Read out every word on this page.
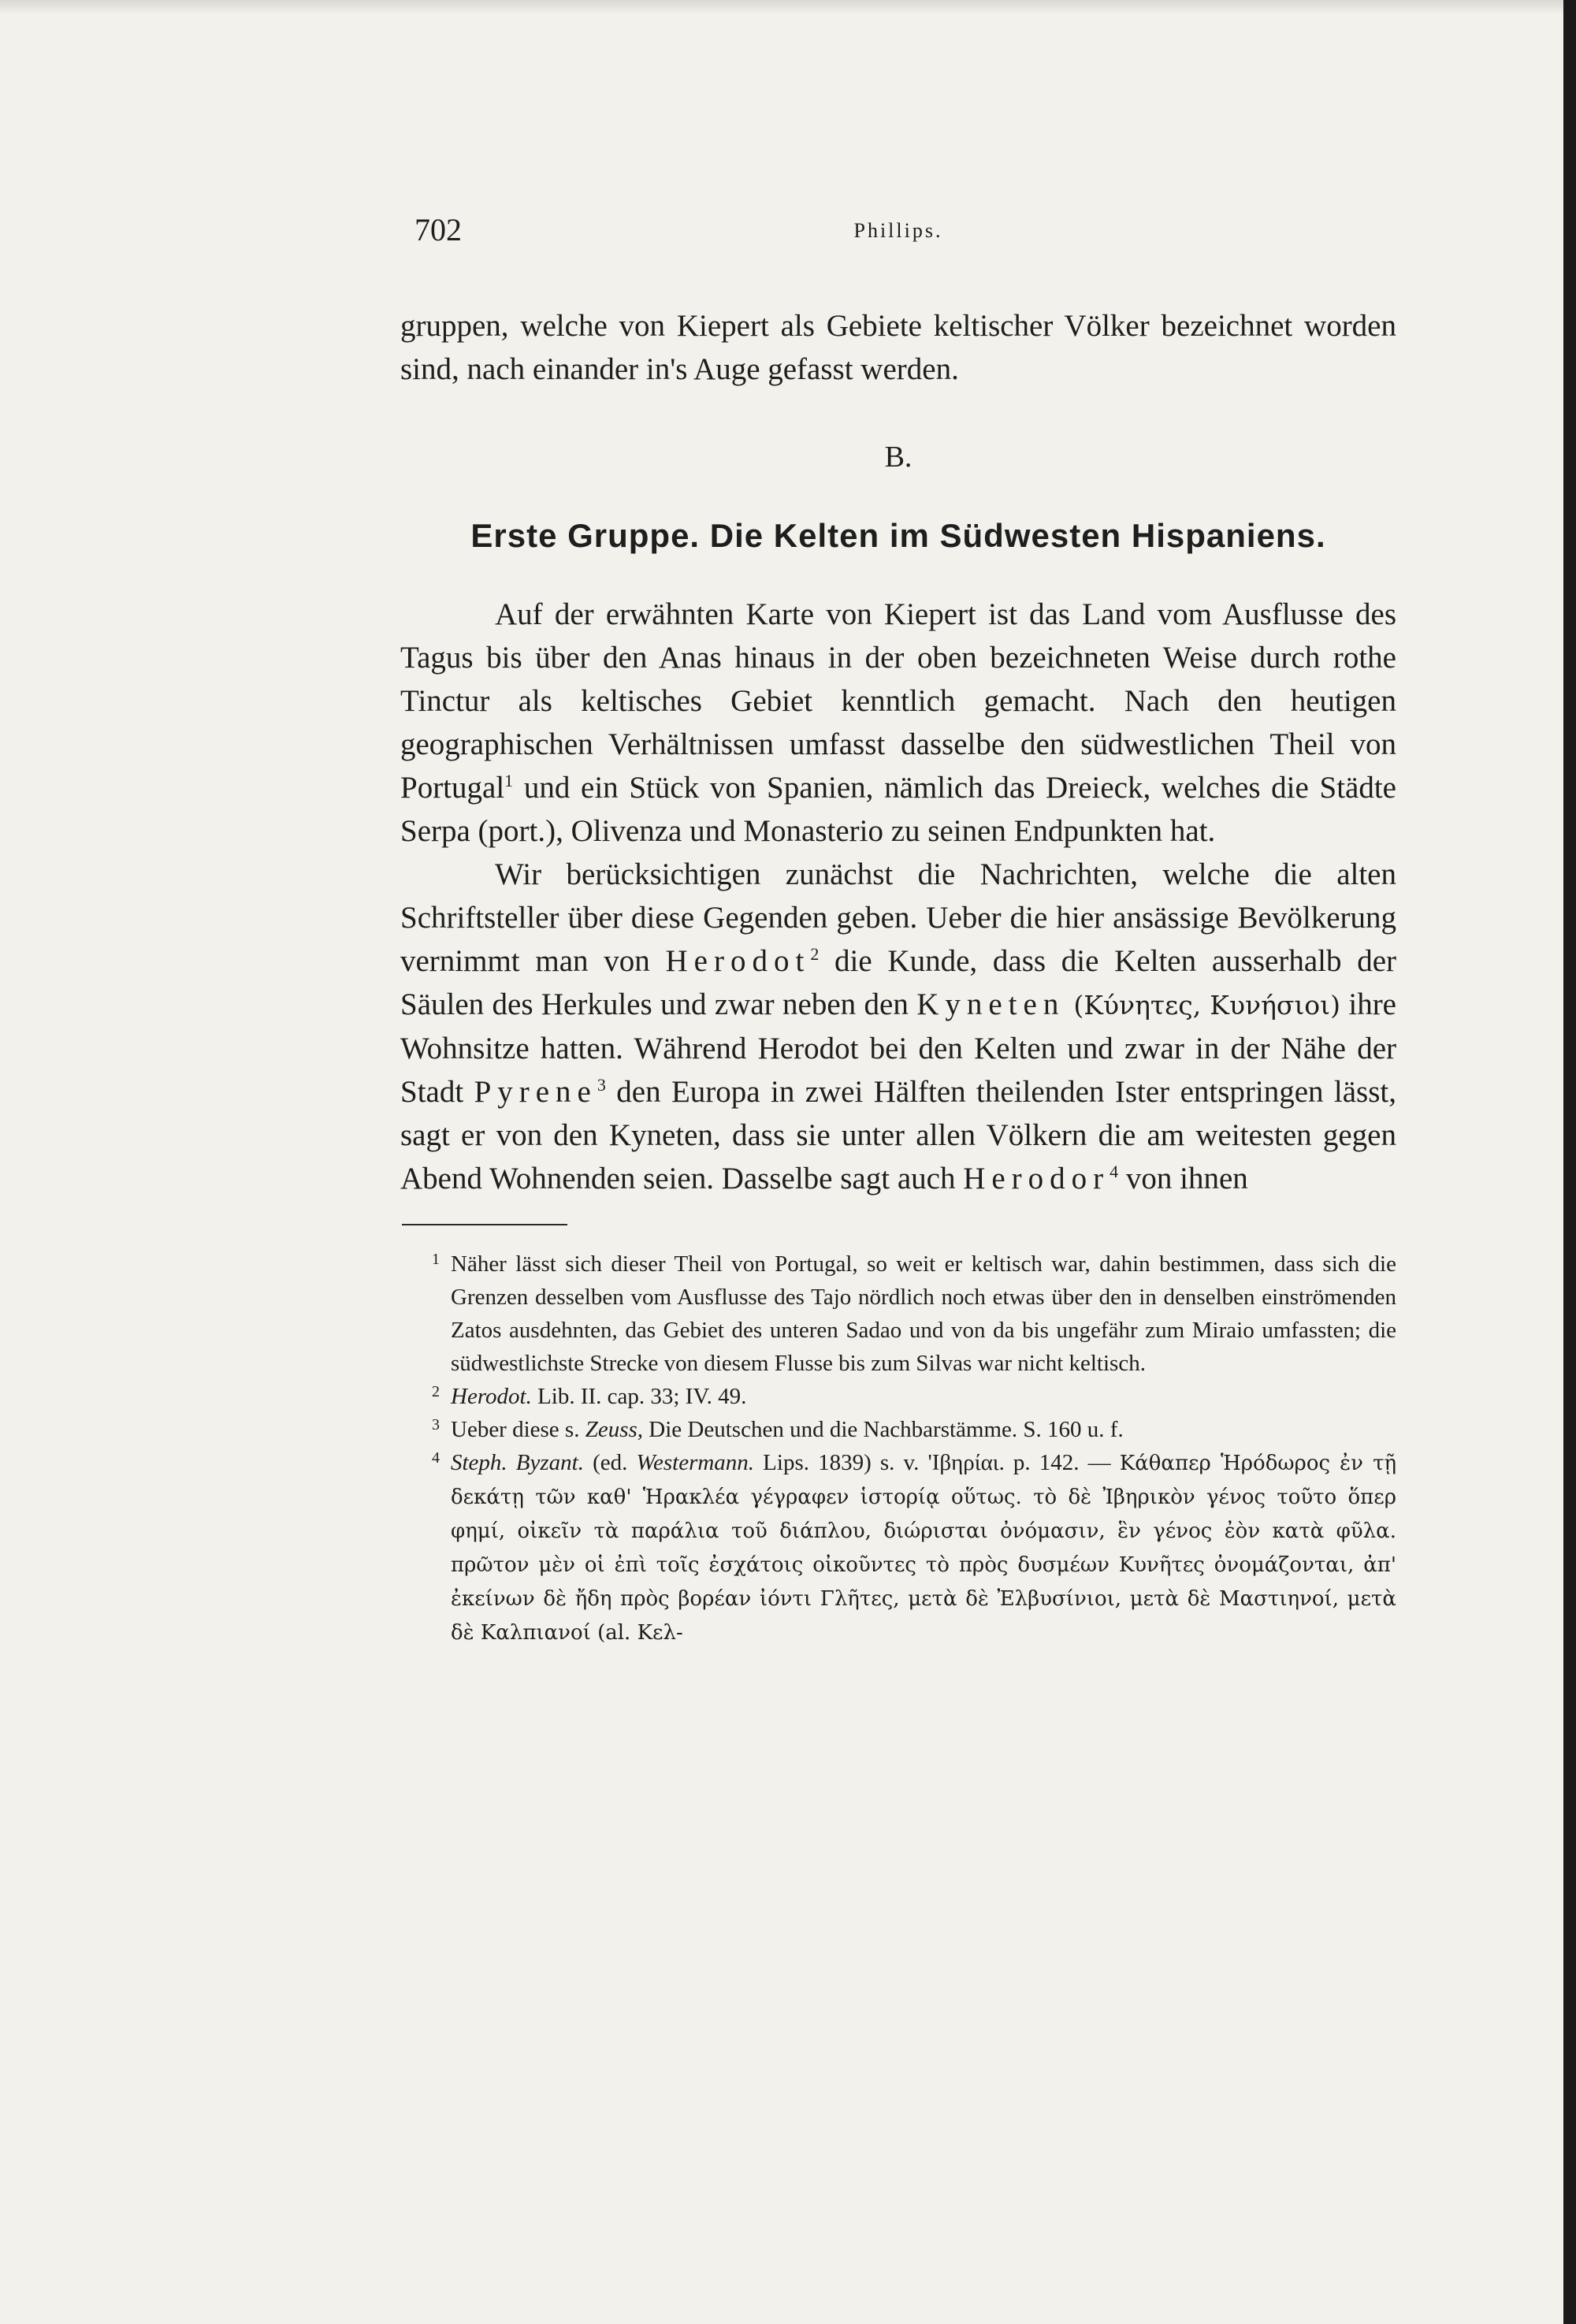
702	Phillips.

gruppen, welche von Kiepert als Gebiete keltischer Völker bezeichnet worden sind, nach einander in's Auge gefasst werden.

B.
Erste Gruppe. Die Kelten im Südwesten Hispaniens.

Auf der erwähnten Karte von Kiepert ist das Land vom Ausflusse des Tagus bis über den Anas hinaus in der oben bezeichneten Weise durch rothe Tinctur als keltisches Gebiet kenntlich gemacht. Nach den heutigen geographischen Verhältnissen umfasst dasselbe den südwestlichen Theil von Portugal$^1$ und ein Stück von Spanien, nämlich das Dreieck, welches die Städte Serpa (port.), Olivenza und Monasterio zu seinen Endpunkten hat.

Wir berücksichtigen zunächst die Nachrichten, welche die alten Schriftsteller über diese Gegenden geben. Ueber die hier ansässige Bevölkerung vernimmt man von Herodot$^2$ die Kunde, dass die Kelten ausserhalb der Säulen des Herkules und zwar neben den Kyneten (Κύνητες, Κυνήσιοι) ihre Wohnsitze hatten. Während Herodot bei den Kelten und zwar in der Nähe der Stadt Pyrene$^3$ den Europa in zwei Hälften theilenden Ister entspringen lässt, sagt er von den Kyneten, dass sie unter allen Völkern die am weitesten gegen Abend Wohnenden seien. Dasselbe sagt auch Herodor$^4$ von ihnen

1 Näher lässt sich dieser Theil von Portugal, so weit er keltisch war, dahin bestimmen, dass sich die Grenzen desselben vom Ausflusse des Tajo nördlich noch etwas über den in denselben einströmenden Zatos ausdehnten, das Gebiet des unteren Sadao und von da bis ungefähr zum Miraio umfassten; die südwestlichste Strecke von diesem Flusse bis zum Silvas war nicht keltisch.
2 Herodot. Lib. II. cap. 33; IV. 49.
3 Ueber diese s. Zeuss, Die Deutschen und die Nachbarstämme. S. 160 u. f.
4 Steph. Byzant. (ed. Westermann. Lips. 1839) s. v. 'Ιβηρίαι. p. 142. — Κάθαπερ Ἡρόδωρος ἐν τῇ δεκάτῃ τῶν καθ' Ἡρακλέα γέγραφεν ἱστορίᾳ οὕτως. τὸ δὲ Ἰβηρικὸν γένος τοῦτο ὅπερ φημί, οἰκεῖν τὰ παράλια τοῦ διάπλου, διώρισται ὀνόμασιν, ἓν γένος ἐὸν κατὰ φῦλα. πρῶτον μὲν οἱ ἐπὶ τοῖς ἐσχάτοις οἰκοῦντες τὸ πρὸς δυσμέων Κυνῆτες ὀνομάζονται, ἀπ' ἐκείνων δὲ ἤδη πρὸς βορέαν ἰόντι Γλῆτες, μετὰ δὲ Ἐλβυσίνιοι, μετὰ δὲ Μαστιηνοί, μετὰ δὲ Καλπιανοί (al. Κελ-
